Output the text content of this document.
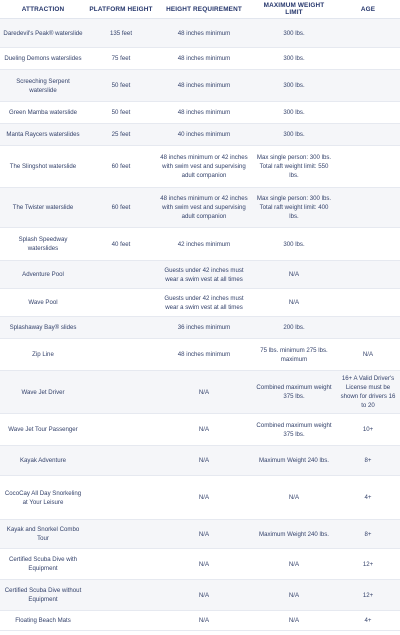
ATTRACTION	PLATFORM HEIGHT	HEIGHT REQUIREMENT	MAXIMUM WEIGHT LIMIT	AGE
Daredevil's Peak® waterslide	135 feet	48 inches minimum	300 lbs.	
Dueling Demons waterslides	75 feet	48 inches minimum	300 lbs.	
Screeching Serpent waterslide	50 feet	48 inches minimum	300 lbs.	
Green Mamba waterslide	50 feet	48 inches minimum	300 lbs.	
Manta Raycers waterslides	25 feet	40 inches minimum	300 lbs.	
The Slingshot waterslide	60 feet	48 inches minimum or 42 inches with swim vest and supervising adult companion	Max single person: 300 lbs. Total raft weight limit: 550 lbs.	
The Twister waterslide	60 feet	48 inches minimum or 42 inches with swim vest and supervising adult companion	Max single person: 300 lbs. Total raft weight limit: 400 lbs.	
Splash Speedway waterslides	40 feet	42 inches minimum	300 lbs.	
Adventure Pool		Guests under 42 inches must wear a swim vest at all times	N/A	
Wave Pool		Guests under 42 inches must wear a swim vest at all times	N/A	
Splashaway Bay® slides		36 inches minimum	200 lbs.	
Zip Line		48 inches minimum	75 lbs. minimum 275 lbs. maximum	N/A
Wave Jet Driver		N/A	Combined maximum weight 375 lbs.	16+ A Valid Driver's License must be shown for drivers 16 to 20
Wave Jet Tour Passenger		N/A	Combined maximum weight 375 lbs.	10+
Kayak Adventure		N/A	Maximum Weight 240 lbs.	8+
CocoCay All Day Snorkeling at Your Leisure		N/A	N/A	4+
Kayak and Snorkel Combo Tour		N/A	Maximum Weight 240 lbs.	8+
Certified Scuba Dive with Equipment		N/A	N/A	12+
Certified Scuba Dive without Equipment		N/A	N/A	12+
Floating Beach Mats		N/A	N/A	4+
